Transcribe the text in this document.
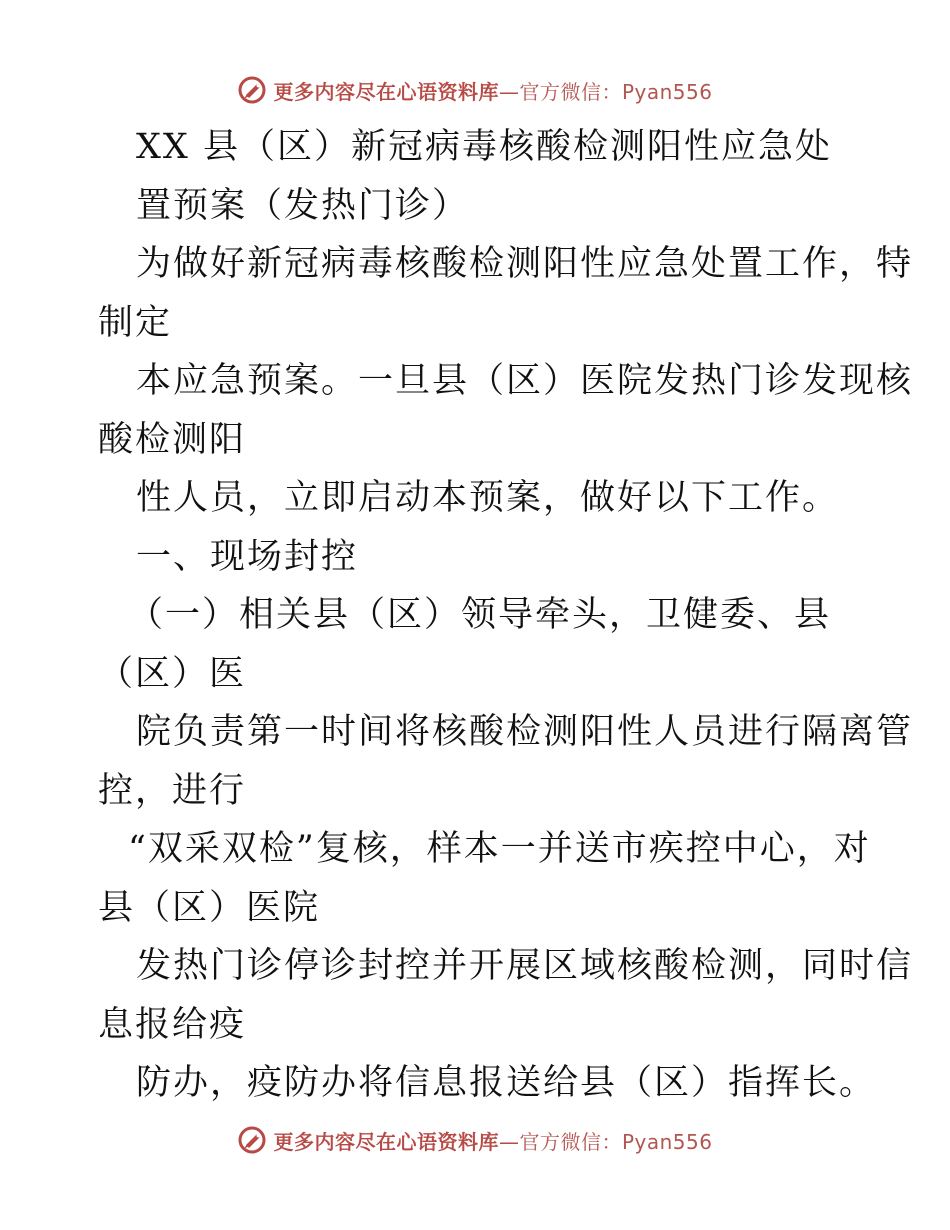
更多内容尽在心语资料库—官方微信：Pyan556
XX 县（区）新冠病毒核酸检测阳性应急处
置预案（发热门诊）
为做好新冠病毒核酸检测阳性应急处置工作，特
制定
本应急预案。一旦县（区）医院发热门诊发现核
酸检测阳
性人员，立即启动本预案，做好以下工作。
一、现场封控
（一）相关县（区）领导牵头，卫健委、县
（区）医
院负责第一时间将核酸检测阳性人员进行隔离管
控，进行
“双采双检”复核，样本一并送市疾控中心，对
县（区）医院
发热门诊停诊封控并开展区域核酸检测，同时信
息报给疫
防办，疫防办将信息报送给县（区）指挥长。
更多内容尽在心语资料库—官方微信：Pyan556
